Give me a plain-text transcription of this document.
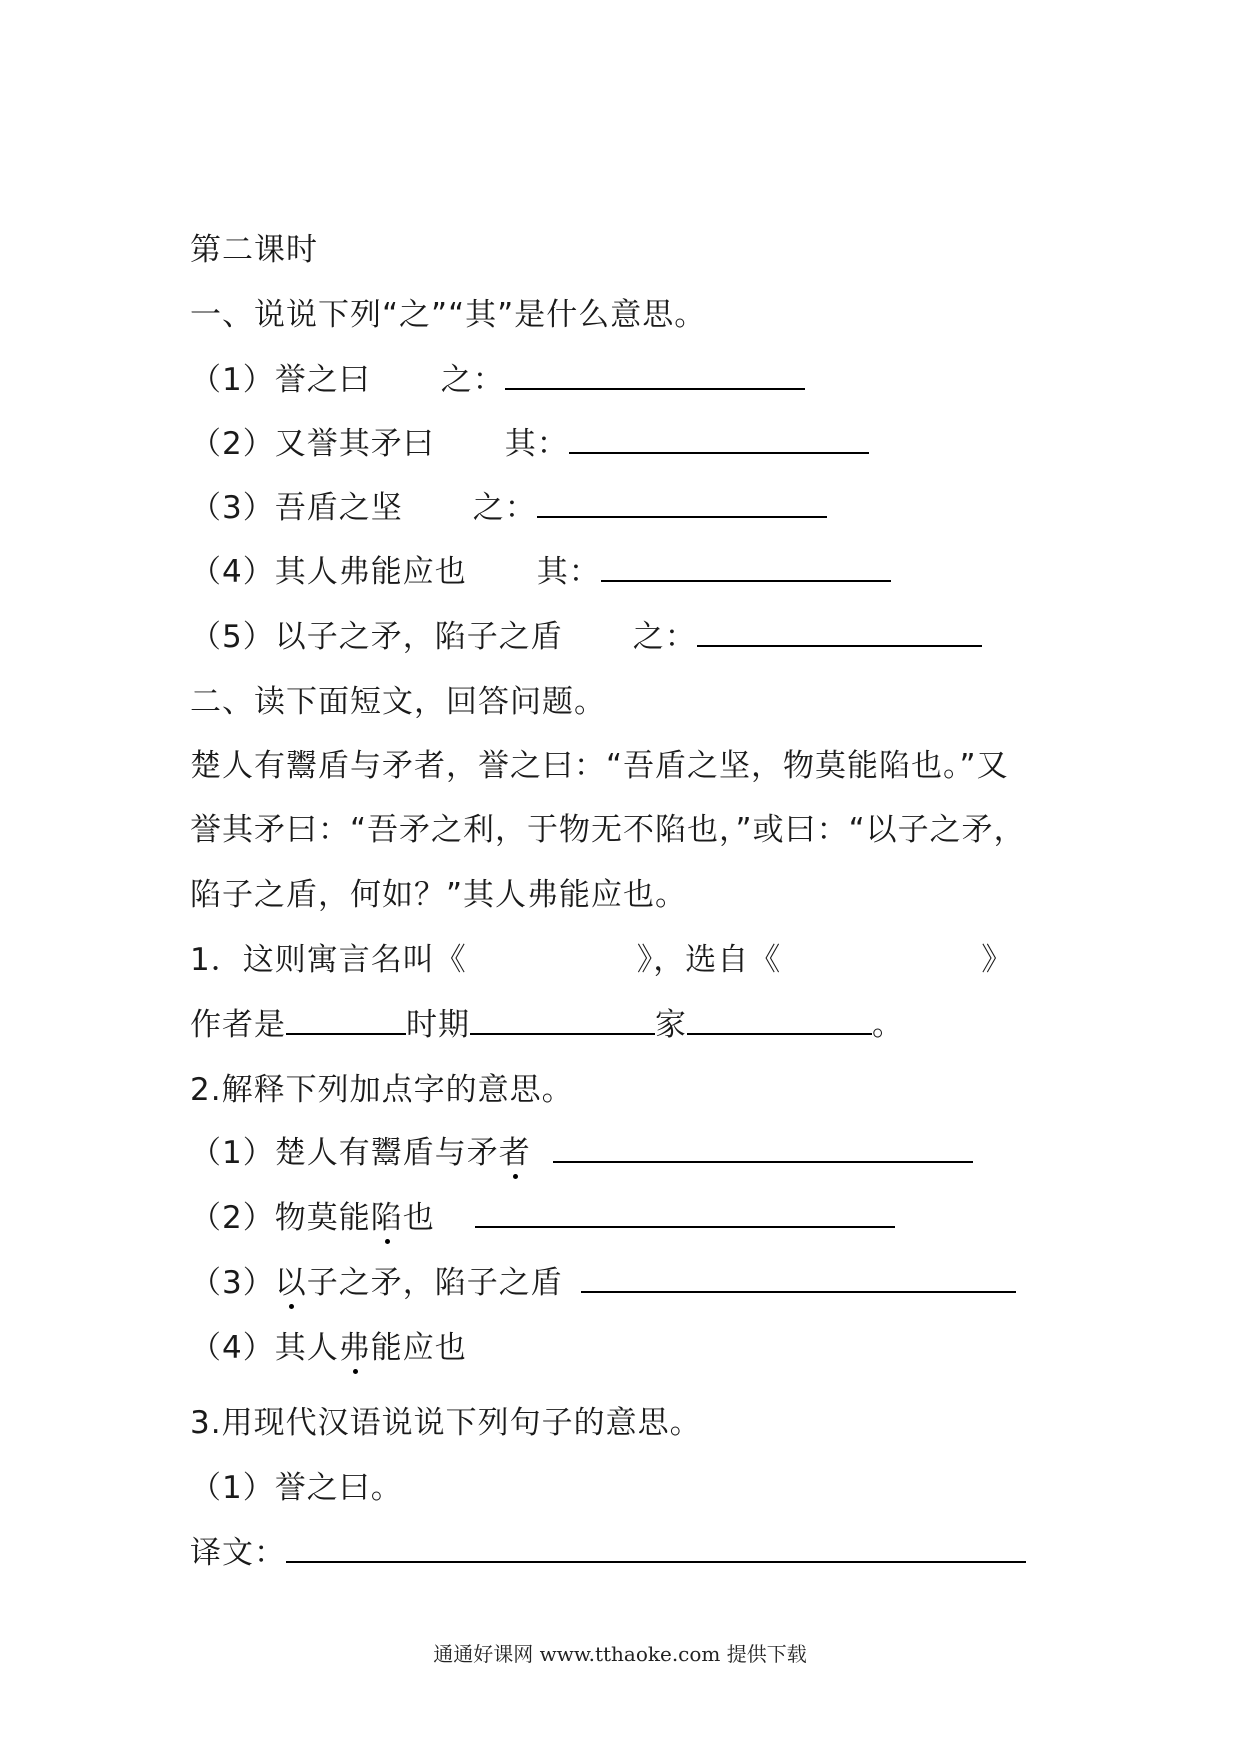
第二课时
一、说说下列“之”“其”是什么意思。
（1）誉之曰 之：
（2）又誉其矛曰 其：
（3）吾盾之坚 之：
（4）其人弗能应也 其：
（5）以子之矛，陷子之盾 之：
二、读下面短文，回答问题。
楚人有鬻盾与矛者，誉之曰：“吾盾之坚，物莫能陷也。”又
誉其矛曰：“吾矛之利，于物无不陷也，”或曰：“以子之矛，
陷子之盾，何如？”其人弗能应也。
1．这则寓言名叫《	》，选自《	》
作者是	时期	家	。
2.解释下列加点字的意思。
（1）楚人有鬻盾与矛者
（2）物莫能陷也
（3）以子之矛，陷子之盾
（4）其人弗能应也
3.用现代汉语说说下列句子的意思。
（1）誉之曰。
译文：
通通好课网 www.tthaoke.com 提供下载
